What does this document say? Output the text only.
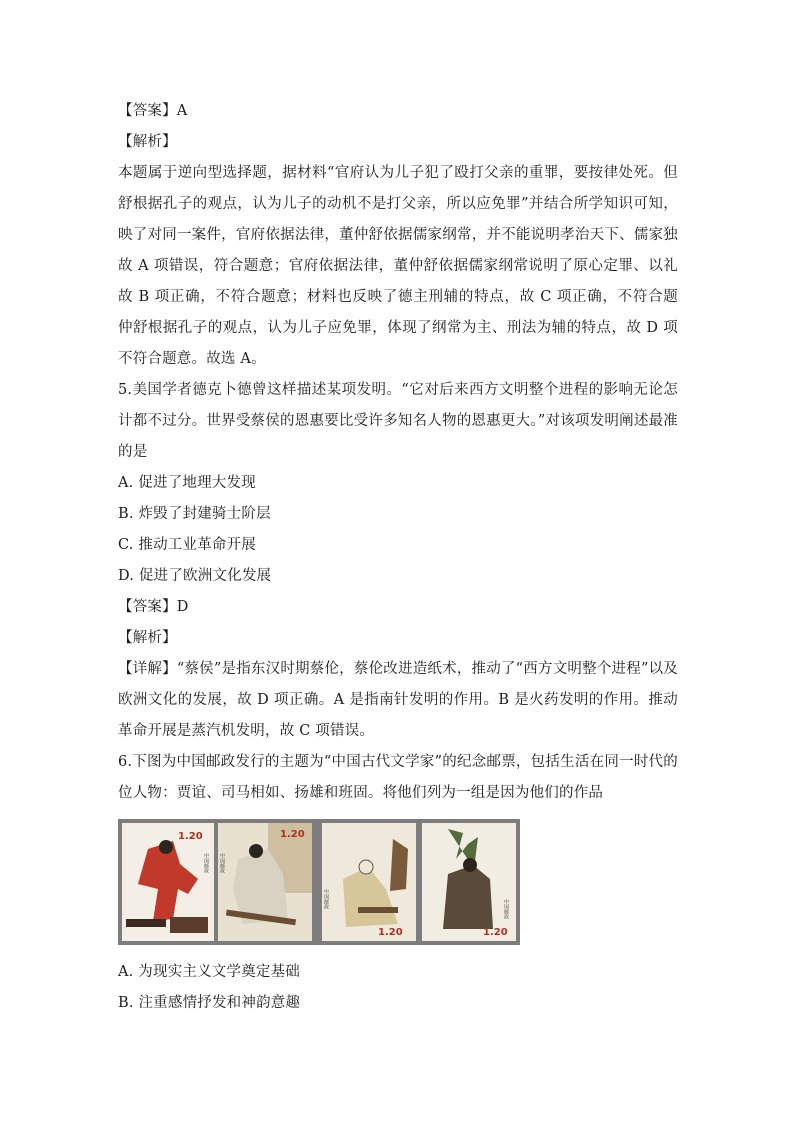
【答案】A
【解析】
本题属于逆向型选择题，据材料“官府认为儿子犯了殴打父亲的重罪，要按律处死。但
舒根据孔子的观点，认为儿子的动机不是打父亲，所以应免罪”并结合所学知识可知，
映了对同一案件，官府依据法律，董仲舒依据儒家纲常，并不能说明孝治天下、儒家独
故 A 项错误，符合题意；官府依据法律，董仲舒依据儒家纲常说明了原心定罪、以礼
故 B 项正确，不符合题意；材料也反映了德主刑辅的特点，故 C 项正确，不符合题
仲舒根据孔子的观点，认为儿子应免罪，体现了纲常为主、刑法为辅的特点，故 D 项
不符合题意。故选 A。
5.美国学者德克卜德曾这样描述某项发明。“它对后来西方文明整个进程的影响无论怎
计都不过分。世界受蔡侯的恩惠要比受许多知名人物的恩惠更大。”对该项发明阐述最准
的是
A. 促进了地理大发现
B. 炸毁了封建骑士阶层
C. 推动工业革命开展
D. 促进了欧洲文化发展
【答案】D
【解析】
【详解】“蔡侯”是指东汉时期蔡伦，蔡伦改进造纸术，推动了“西方文明整个进程”以及
欧洲文化的发展，故 D 项正确。A 是指南针发明的作用。B 是火药发明的作用。推动
革命开展是蒸汽机发明，故 C 项错误。
6.下图为中国邮政发行的主题为“中国古代文学家”的纪念邮票，包括生活在同一时代的
位人物：贾谊、司马相如、扬雄和班固。将他们列为一组是因为他们的作品
1.20
中国邮政
1.20
中国邮政
1.20
中国邮政
1.20
中国邮政
A. 为现实主义文学奠定基础
B. 注重感情抒发和神韵意趣
